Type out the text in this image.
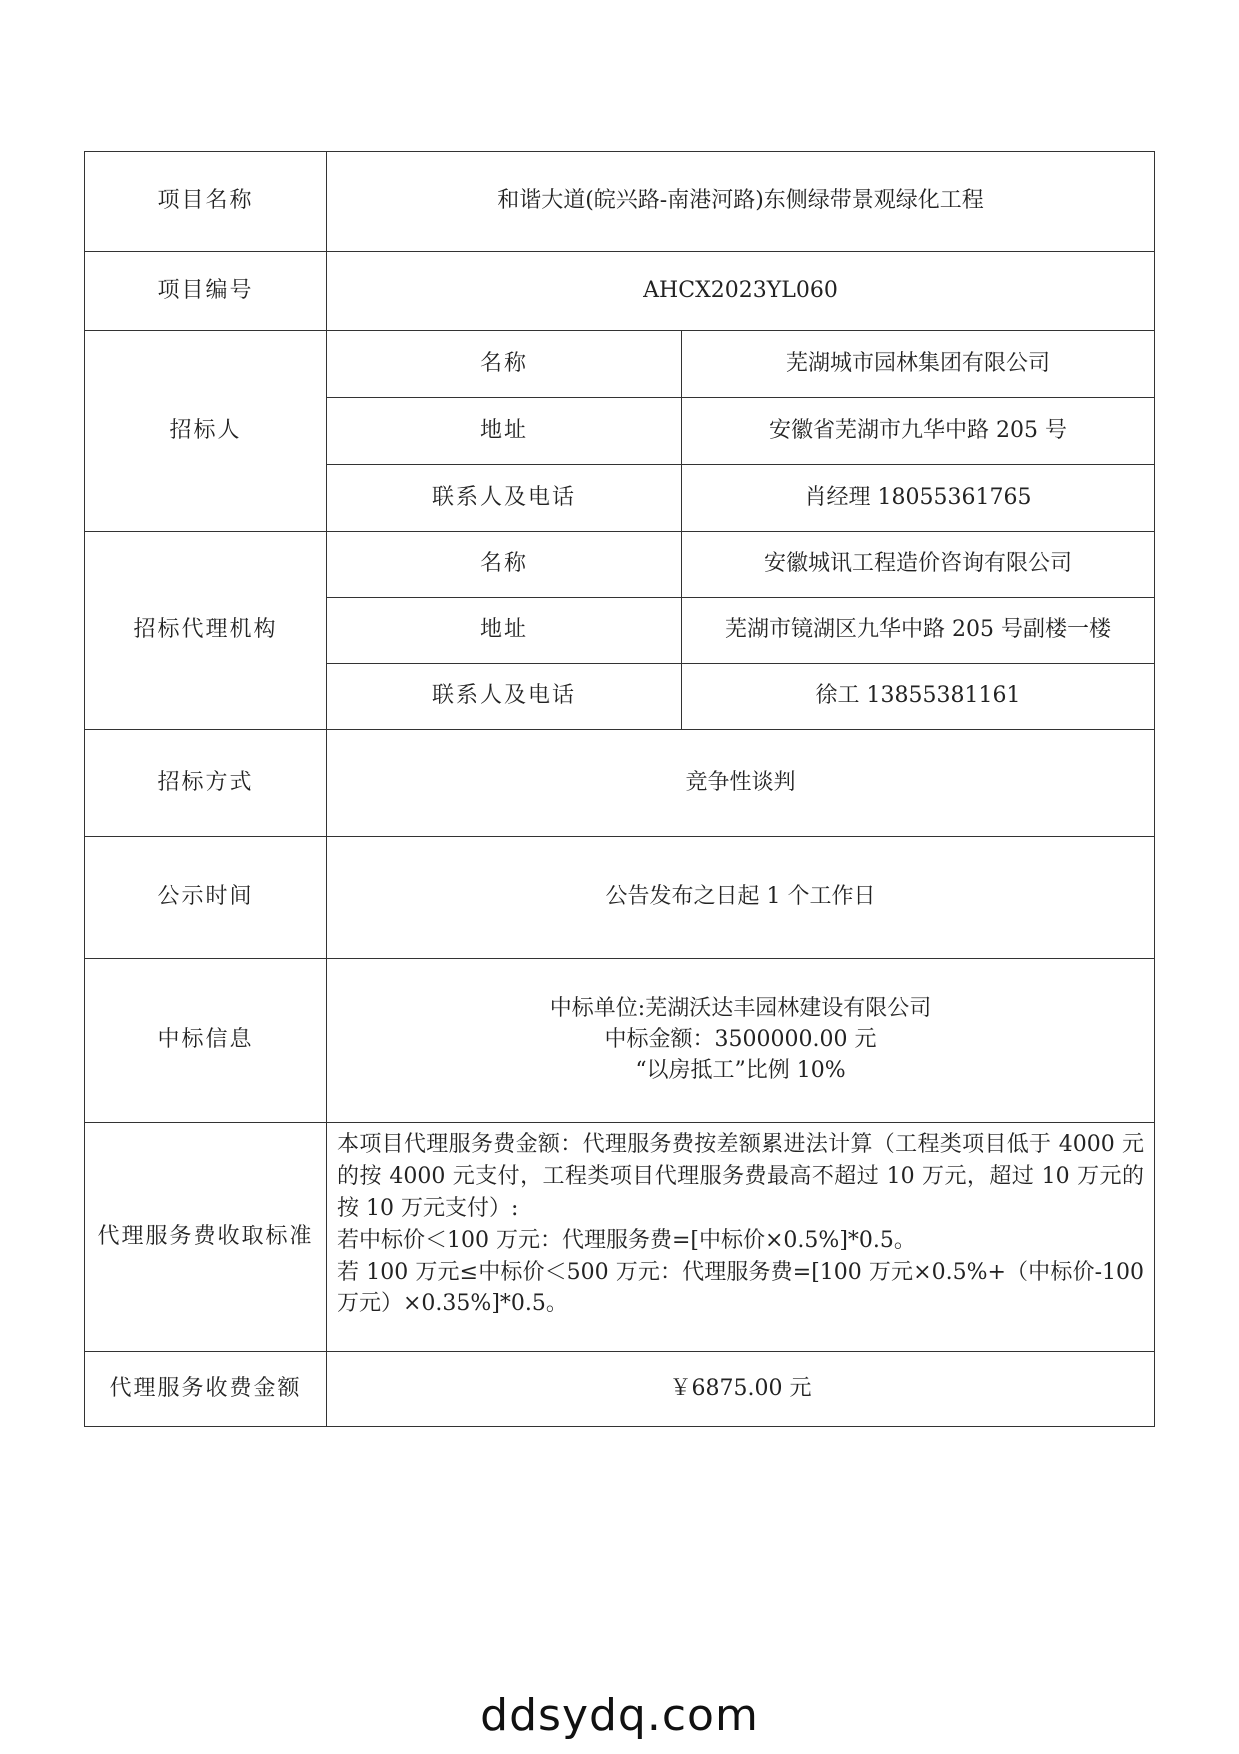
项目名称	和谐大道(皖兴路-南港河路)东侧绿带景观绿化工程	
项目编号	AHCX2023YL060	
招标人	名称	芜湖城市园林集团有限公司
	地址	安徽省芜湖市九华中路 205 号
	联系人及电话	肖经理 18055361765
招标代理机构	名称	安徽城讯工程造价咨询有限公司
	地址	芜湖市镜湖区九华中路 205 号副楼一楼
	联系人及电话	徐工 13855381161
招标方式	竞争性谈判	
公示时间	公告发布之日起 1 个工作日	
中标信息	中标单位:芜湖沃达丰园林建设有限公司
中标金额：3500000.00 元
“以房抵工”比例 10%	

代理服务费收取标准	本项目代理服务费金额：代理服务费按差额累进法计算（工程类项目低于 4000 元的按 4000 元支付，工程类项目代理服务费最高不超过 10 万元，超过 10 万元的按 10 万元支付）:
若中标价＜100 万元：代理服务费=[中标价×0.5%]*0.5。
若 100 万元≤中标价＜500 万元：代理服务费=[100 万元×0.5%+（中标价-100 万元）×0.35%]*0.5。	

代理服务收费金额	￥6875.00 元	
ddsydq.com
